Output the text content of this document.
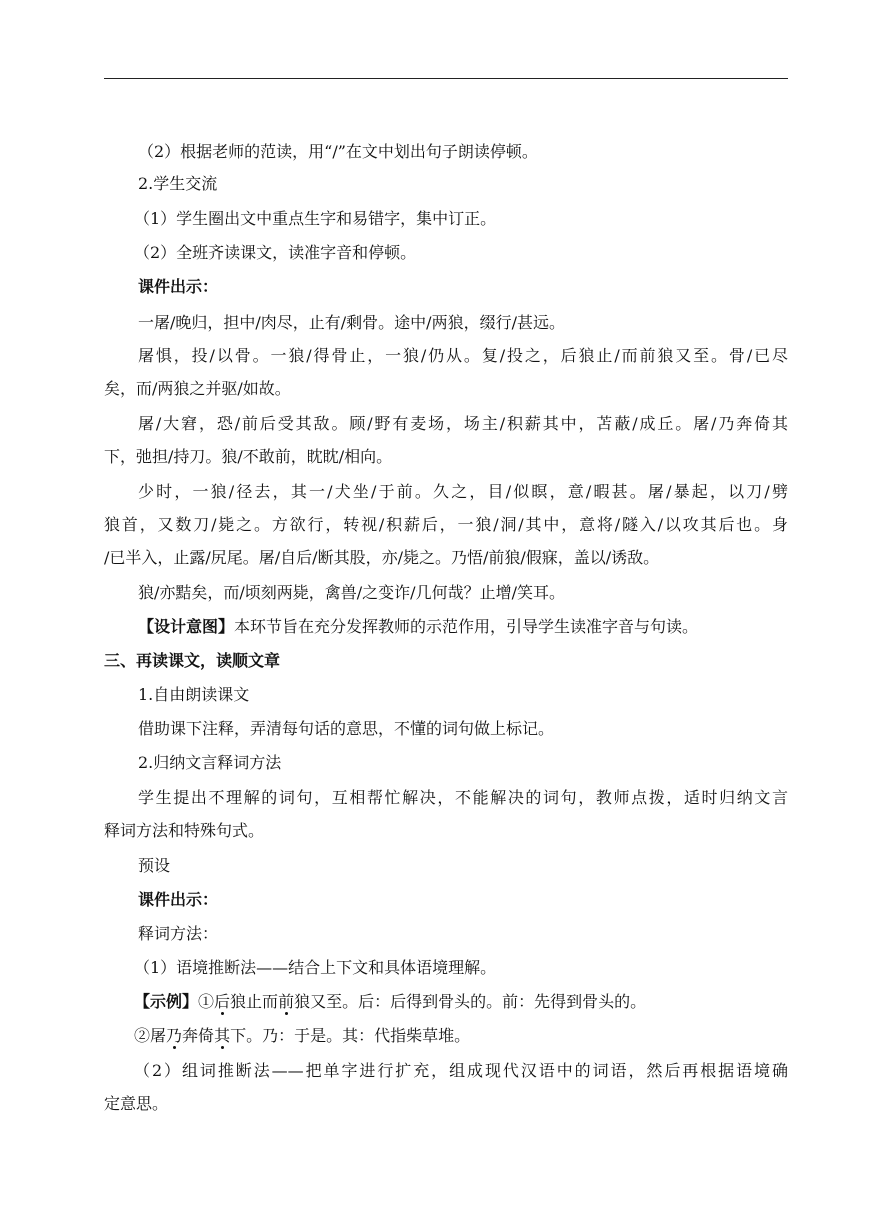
（2）根据老师的范读，用“/”在文中划出句子朗读停顿。
2.学生交流
（1）学生圈出文中重点生字和易错字，集中订正。
（2）全班齐读课文，读准字音和停顿。
课件出示：
一屠/晚归，担中/肉尽，止有/剩骨。途中/两狼，缀行/甚远。
屠惧，投/以骨。一狼/得骨止，一狼/仍从。复/投之，后狼止/而前狼又至。骨/已尽
矣，而/两狼之并驱/如故。
屠/大窘，恐/前后受其敌。顾/野有麦场，场主/积薪其中，苫蔽/成丘。屠/乃奔倚其
下，弛担/持刀。狼/不敢前，眈眈/相向。
少时，一狼/径去，其一/犬坐/于前。久之，目/似瞑，意/暇甚。屠/暴起，以刀/劈
狼首，又数刀/毙之。方欲行，转视/积薪后，一狼/洞/其中，意将/隧入/以攻其后也。身
/已半入，止露/尻尾。屠/自后/断其股，亦/毙之。乃悟/前狼/假寐，盖以/诱敌。
狼/亦黠矣，而/顷刻两毙，禽兽/之变诈/几何哉？止增/笑耳。
【设计意图】本环节旨在充分发挥教师的示范作用，引导学生读准字音与句读。
三、再读课文，读顺文章
1.自由朗读课文
借助课下注释，弄清每句话的意思，不懂的词句做上标记。
2.归纳文言释词方法
学生提出不理解的词句，互相帮忙解决，不能解决的词句，教师点拨，适时归纳文言
释词方法和特殊句式。
预设
课件出示：
释词方法：
（1）语境推断法——结合上下文和具体语境理解。
【示例】①后狼止而前狼又至。后：后得到骨头的。前：先得到骨头的。
②屠乃奔倚其下。乃：于是。其：代指柴草堆。
（2）组词推断法——把单字进行扩充，组成现代汉语中的词语，然后再根据语境确
定意思。
